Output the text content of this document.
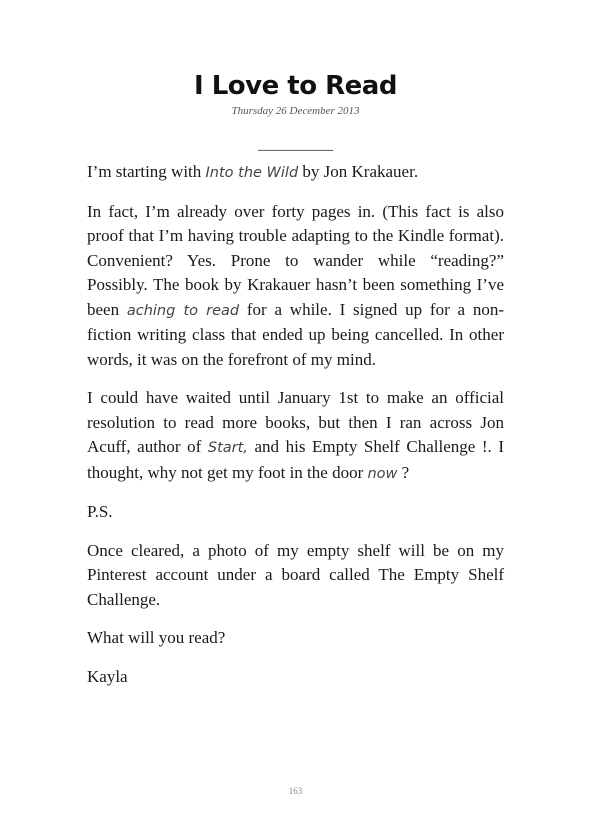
I Love to Read
Thursday 26 December 2013
__________

I’m starting with Into the Wild by Jon Krakauer.

In fact, I’m already over forty pages in. (This fact is also proof that I’m having trouble adapting to the Kindle format). Convenient? Yes. Prone to wander while “reading?” Possibly. The book by Krakauer hasn’t been something I’ve been aching to read for a while. I signed up for a non-fiction writing class that ended up being cancelled. In other words, it was on the forefront of my mind.

I could have waited until January 1st to make an official resolution to read more books, but then I ran across Jon Acuff, author of Start, and his Empty Shelf Challenge !. I thought, why not get my foot in the door now ?

P.S.

Once cleared, a photo of my empty shelf will be on my Pinterest account under a board called The Empty Shelf Challenge.

What will you read?

Kayla

163
